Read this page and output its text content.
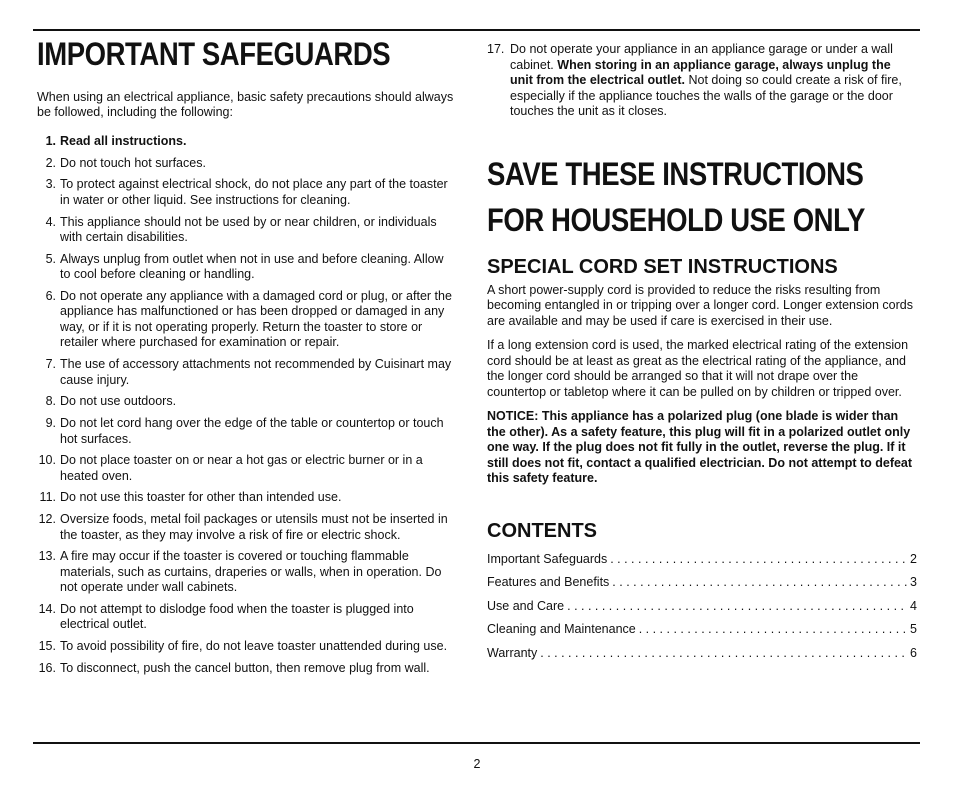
IMPORTANT SAFEGUARDS

When using an electrical appliance, basic safety precautions should always be followed, including the following:

1. Read all instructions.
2. Do not touch hot surfaces.
3. To protect against electrical shock, do not place any part of the toaster in water or other liquid. See instructions for cleaning.
4. This appliance should not be used by or near children, or individuals with certain disabilities.
5. Always unplug from outlet when not in use and before cleaning. Allow to cool before cleaning or handling.
6. Do not operate any appliance with a damaged cord or plug, or after the appliance has malfunctioned or has been dropped or damaged in any way, or if it is not operating properly. Return the toaster to store or retailer where purchased for examination or repair.
7. The use of accessory attachments not recommended by Cuisinart may cause injury.
8. Do not use outdoors.
9. Do not let cord hang over the edge of the table or countertop or touch hot surfaces.
10. Do not place toaster on or near a hot gas or electric burner or in a heated oven.
11. Do not use this toaster for other than intended use.
12. Oversize foods, metal foil packages or utensils must not be inserted in the toaster, as they may involve a risk of fire or electric shock.
13. A fire may occur if the toaster is covered or touching flammable materials, such as curtains, draperies or walls, when in operation. Do not operate under wall cabinets.
14. Do not attempt to dislodge food when the toaster is plugged into electrical outlet.
15. To avoid possibility of fire, do not leave toaster unattended during use.
16. To disconnect, push the cancel button, then remove plug from wall.
17. Do not operate your appliance in an appliance garage or under a wall cabinet. When storing in an appliance garage, always unplug the unit from the electrical outlet. Not doing so could create a risk of fire, especially if the appliance touches the walls of the garage or the door touches the unit as it closes.
SAVE THESE INSTRUCTIONS
FOR HOUSEHOLD USE ONLY
SPECIAL CORD SET INSTRUCTIONS

A short power-supply cord is provided to reduce the risks resulting from becoming entangled in or tripping over a longer cord. Longer extension cords are available and may be used if care is exercised in their use.

If a long extension cord is used, the marked electrical rating of the extension cord should be at least as great as the electrical rating of the appliance, and the longer cord should be arranged so that it will not drape over the countertop or tabletop where it can be pulled on by children or tripped over.

NOTICE: This appliance has a polarized plug (one blade is wider than the other). As a safety feature, this plug will fit in a polarized outlet only one way. If the plug does not fit fully in the outlet, reverse the plug. If it still does not fit, contact a qualified electrician. Do not attempt to defeat this safety feature.

CONTENTS
Important Safeguards . . .	2
Features and Benefits . . .	3
Use and Care . . .	4
Cleaning and Maintenance . . .	5
Warranty . . .	6
2
